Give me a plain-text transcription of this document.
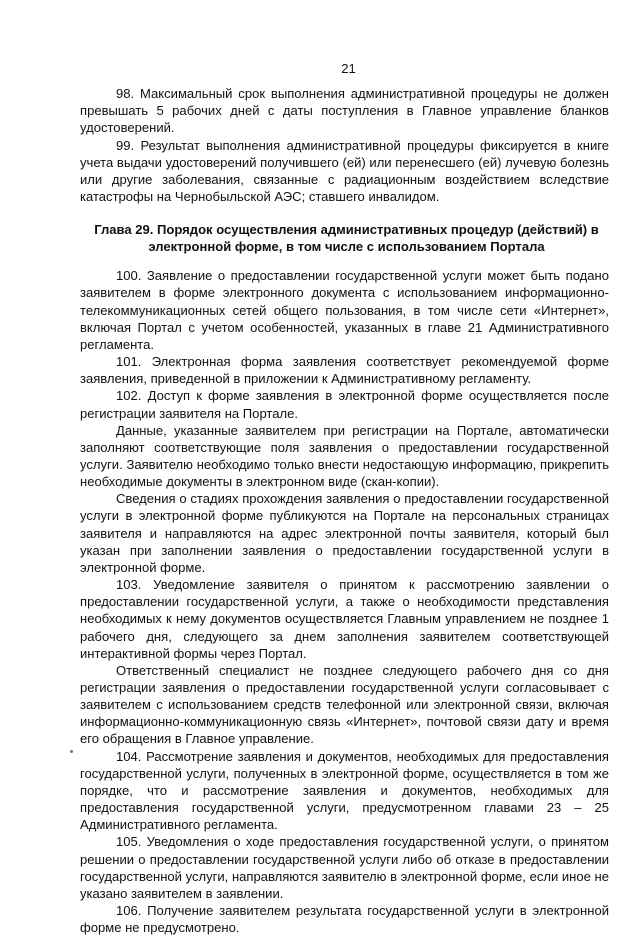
21

98. Максимальный срок выполнения административной процедуры не должен превышать 5 рабочих дней с даты поступления в Главное управление бланков удостоверений.

99. Результат выполнения административной процедуры фиксируется в книге учета выдачи удостоверений получившего (ей) или перенесшего (ей) лучевую болезнь или другие заболевания, связанные с радиационным воздействием вследствие катастрофы на Чернобыльской АЭС; ставшего инвалидом.

Глава 29. Порядок осуществления административных процедур (действий) в электронной форме, в том числе с использованием Портала

100. Заявление о предоставлении государственной услуги может быть подано заявителем в форме электронного документа с использованием информационно-телекоммуникационных сетей общего пользования, в том числе сети «Интернет», включая Портал с учетом особенностей, указанных в главе 21 Административного регламента.

101. Электронная форма заявления соответствует рекомендуемой форме заявления, приведенной в приложении к Административному регламенту.

102. Доступ к форме заявления в электронной форме осуществляется после регистрации заявителя на Портале.

Данные, указанные заявителем при регистрации на Портале, автоматически заполняют соответствующие поля заявления о предоставлении государственной услуги. Заявителю необходимо только внести недостающую информацию, прикрепить необходимые документы в электронном виде (скан-копии).

Сведения о стадиях прохождения заявления о предоставлении государственной услуги в электронной форме публикуются на Портале на персональных страницах заявителя и направляются на адрес электронной почты заявителя, который был указан при заполнении заявления о предоставлении государственной услуги в электронной форме.

103. Уведомление заявителя о принятом к рассмотрению заявлении о предоставлении государственной услуги, а также о необходимости представления необходимых к нему документов осуществляется Главным управлением не позднее 1 рабочего дня, следующего за днем заполнения заявителем соответствующей интерактивной формы через Портал.

Ответственный специалист не позднее следующего рабочего дня со дня регистрации заявления о предоставлении государственной услуги согласовывает с заявителем с использованием средств телефонной или электронной связи, включая информационно-коммуникационную связь «Интернет», почтовой связи дату и время его обращения в Главное управление.

104. Рассмотрение заявления и документов, необходимых для предоставления государственной услуги, полученных в электронной форме, осуществляется в том же порядке, что и рассмотрение заявления и документов, необходимых для предоставления государственной услуги, предусмотренном главами 23 – 25 Административного регламента.

105. Уведомления о ходе предоставления государственной услуги, о принятом решении о предоставлении государственной услуги либо об отказе в предоставлении государственной услуги, направляются заявителю в электронной форме, если иное не указано заявителем в заявлении.

106. Получение заявителем результата государственной услуги в электронной форме не предусмотрено.
